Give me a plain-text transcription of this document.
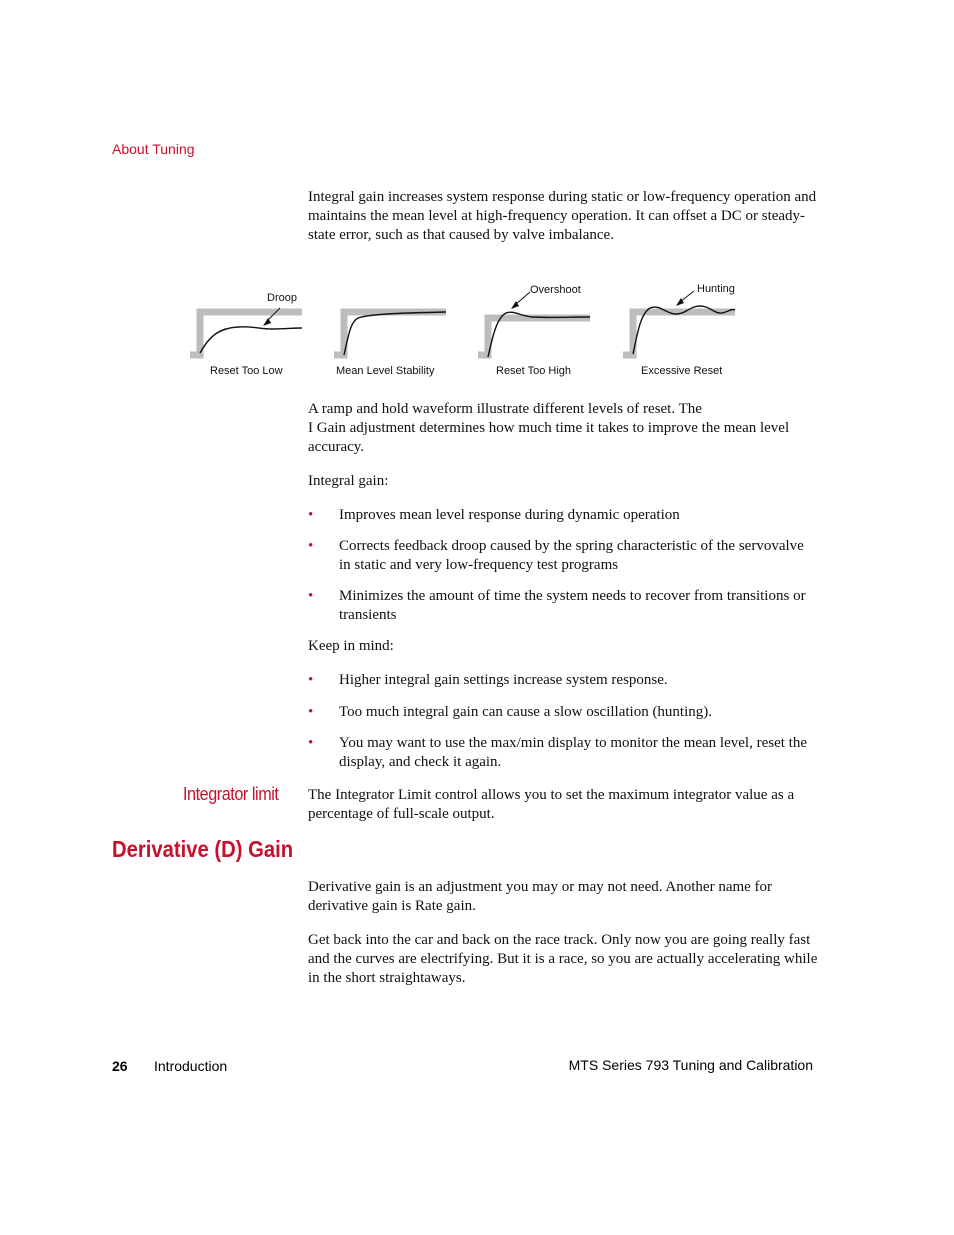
About Tuning

Integral gain increases system response during static or low-frequency operation and maintains the mean level at high-frequency operation. It can offset a DC or steady-state error, such as that caused by valve imbalance.

Droop
Overshoot	Hunting
Reset Too Low	Mean Level Stability	Reset Too High	Excessive Reset

A ramp and hold waveform illustrate different levels of reset. The
I Gain adjustment determines how much time it takes to improve the mean level accuracy.

Integral gain:

• Improves mean level response during dynamic operation
• Corrects feedback droop caused by the spring characteristic of the servovalve in static and very low-frequency test programs
• Minimizes the amount of time the system needs to recover from transitions or transients

Keep in mind:

• Higher integral gain settings increase system response.
• Too much integral gain can cause a slow oscillation (hunting).
• You may want to use the max/min display to monitor the mean level, reset the display, and check it again.
Integrator limit The Integrator Limit control allows you to set the maximum integrator value as a percentage of full-scale output.

Derivative (D) Gain

Derivative gain is an adjustment you may or may not need. Another name for derivative gain is Rate gain.

Get back into the car and back on the race track. Only now you are going really fast and the curves are electrifying. But it is a race, so you are actually accelerating while in the short straightaways.

26 Introduction	MTS Series 793 Tuning and Calibration
